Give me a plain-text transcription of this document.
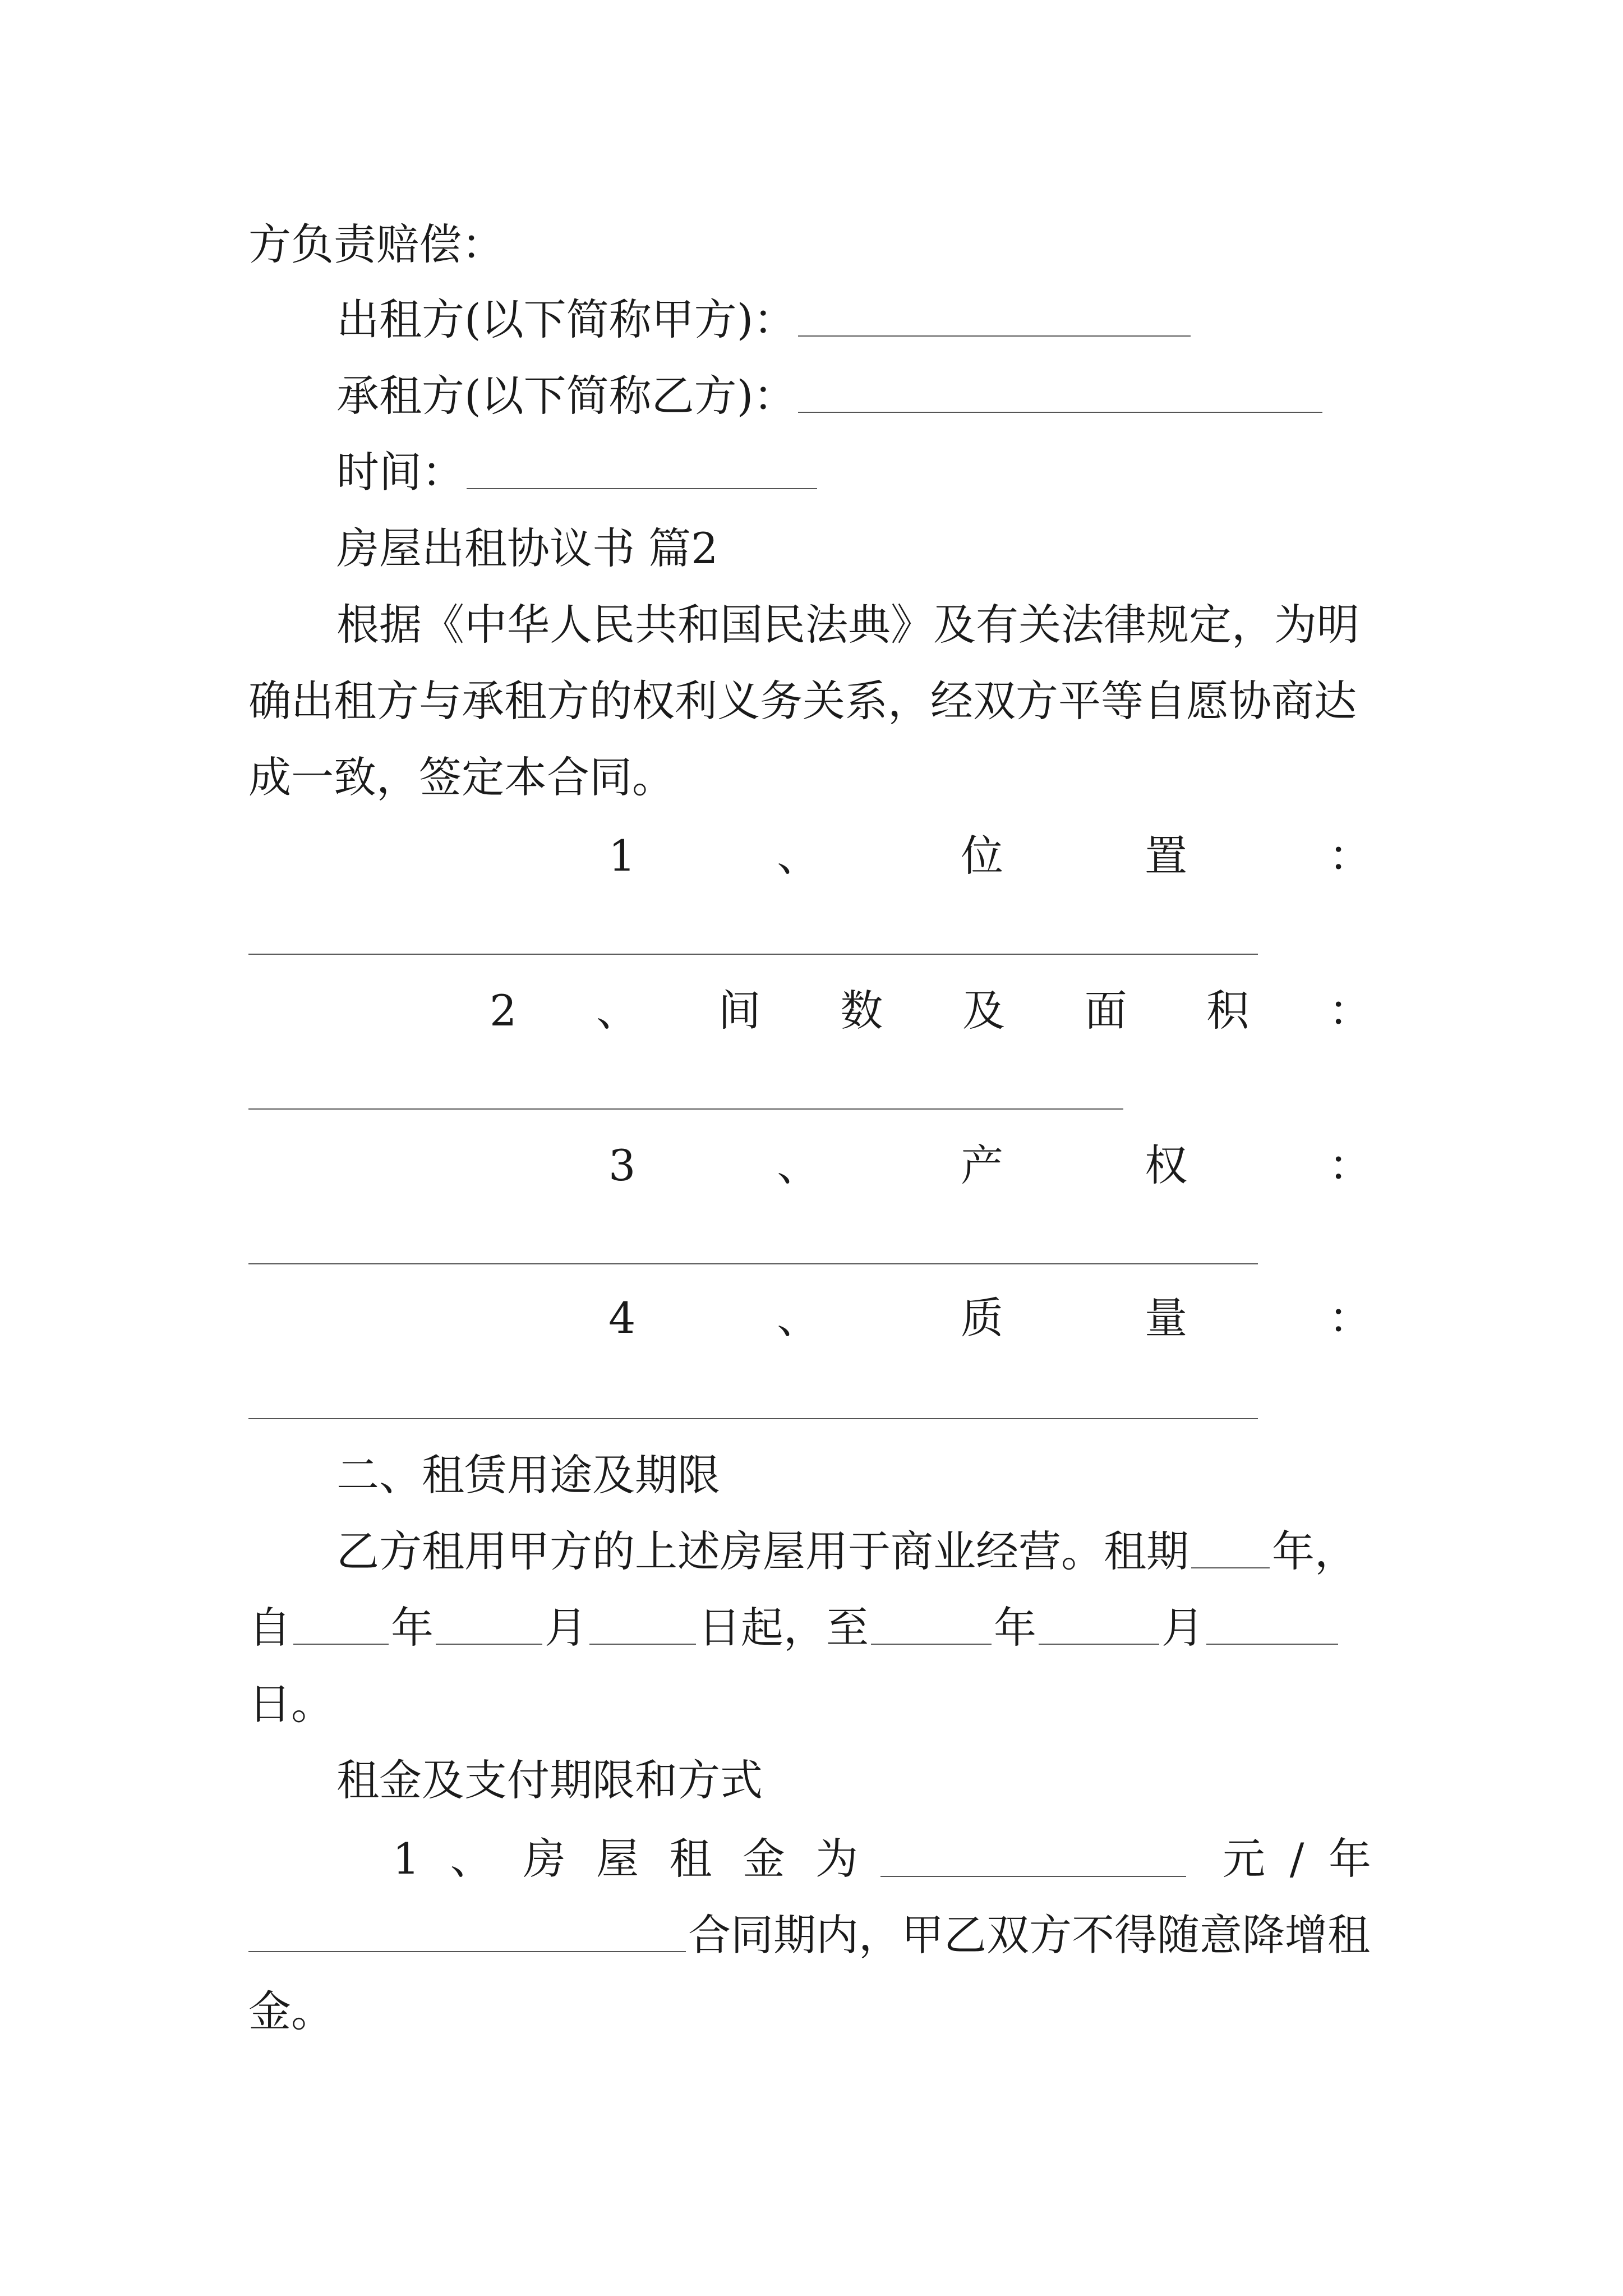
方负责赔偿：
出租方(以下简称甲方)：
承租方(以下简称乙方)：
时间：
房屋出租协议书 篇2
根据《中华人民共和国民法典》及有关法律规定，为明
确出租方与承租方的权利义务关系，经双方平等自愿协商达
成一致，签定本合同。
1	、	位	置	：
2 、 间 数 及 面 积 ：
3	、	产	权	：
4	、	质	量	：
二、租赁用途及期限
乙方租用甲方的上述房屋用于商业经营。租期 年，
自 年	月	日起，至	年	月
日。
租金及支付期限和方式
1 、 房 屋 租 金 为	元 / 年
合同期内，甲乙双方不得随意降增租
金。
